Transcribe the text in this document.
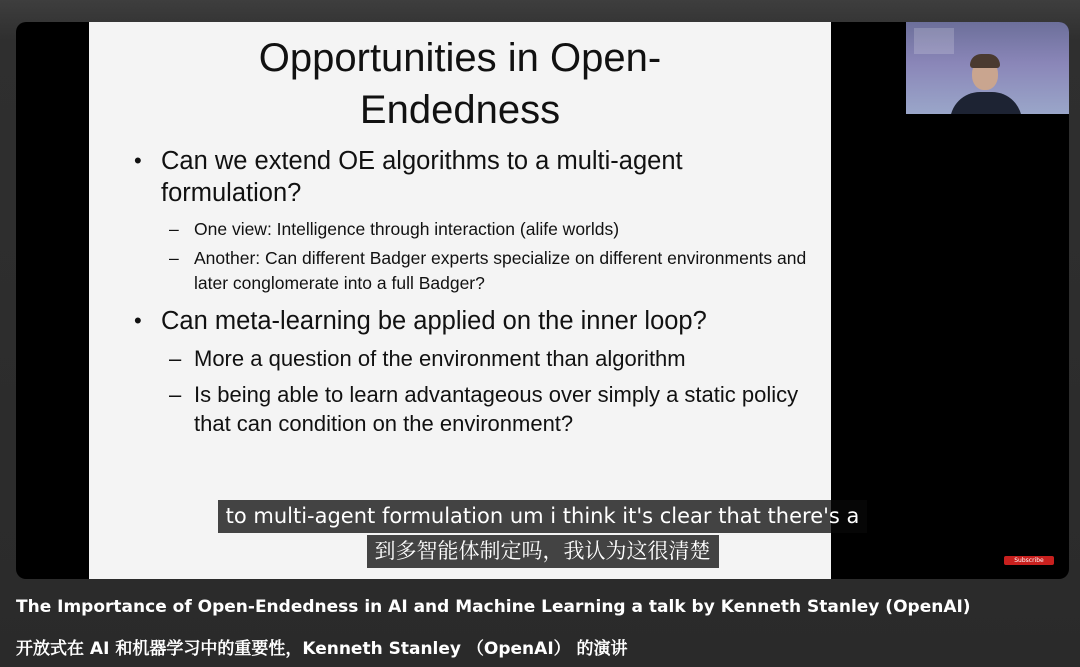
Opportunities in Open-
Endedness
• Can we extend OE algorithms to a multi-agent formulation?
– One view: Intelligence through interaction (alife worlds)
– Another: Can different Badger experts specialize on different environments and later conglomerate into a full Badger?
• Can meta-learning be applied on the inner loop?
– More a question of the environment than algorithm
– Is being able to learn advantageous over simply a static policy that can condition on the environment?
to multi-agent formulation um i think it's clear that there's a
到多智能体制定吗，我认为这很清楚	Subscribe
The Importance of Open-Endedness in AI and Machine Learning a talk by Kenneth Stanley (OpenAI)
开放式在 AI 和机器学习中的重要性，Kenneth Stanley （OpenAI） 的演讲
